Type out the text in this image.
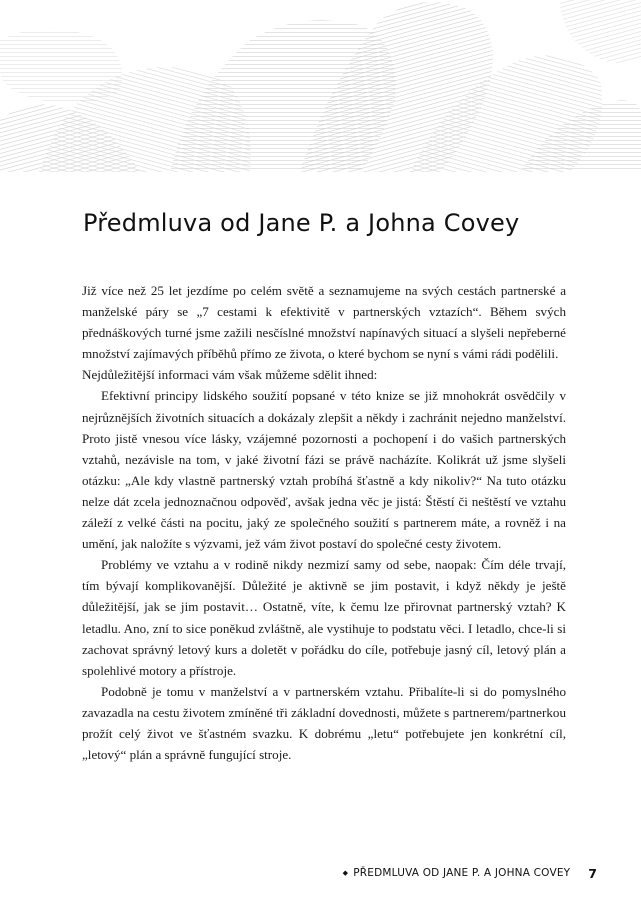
Předmluva od Jane P. a Johna Covey

Již více než 25 let jezdíme po celém světě a seznamujeme na svých cestách partnerské a manželské páry se „7 cestami k efektivitě v partnerských vztazích“. Během svých přednáškových turné jsme zažili nesčíslné množství napínavých situací a slyšeli nepřeberné množství zajímavých příběhů přímo ze života, o které bychom se nyní s vámi rádi podělili.

Nejdůležitější informaci vám však můžeme sdělit ihned:

Efektivní principy lidského soužití popsané v této knize se již mnohokrát osvědčily v nejrůznějších životních situacích a dokázaly zlepšit a někdy i zachránit nejedno manželství. Proto jistě vnesou více lásky, vzájemné pozornosti a pochopení i do vašich partnerských vztahů, nezávisle na tom, v jaké životní fázi se právě nacházíte. Kolikrát už jsme slyšeli otázku: „Ale kdy vlastně partnerský vztah probíhá šťastně a kdy nikoliv?“ Na tuto otázku nelze dát zcela jednoznačnou odpověď, avšak jedna věc je jistá: Štěstí či neštěstí ve vztahu záleží z velké části na pocitu, jaký ze společného soužití s partnerem máte, a rovněž i na umění, jak naložíte s výzvami, jež vám život postaví do společné cesty životem.

Problémy ve vztahu a v rodině nikdy nezmizí samy od sebe, naopak: Čím déle trvají, tím bývají komplikovanější. Důležité je aktivně se jim postavit, i když někdy je ještě důležitější, jak se jim postavit… Ostatně, víte, k čemu lze přirovnat partnerský vztah? K letadlu. Ano, zní to sice poněkud zvláštně, ale vystihuje to podstatu věci. I letadlo, chce-li si zachovat správný letový kurs a doletět v pořádku do cíle, potřebuje jasný cíl, letový plán a spolehlivé motory a přístroje.

Podobně je tomu v manželství a v partnerském vztahu. Přibalíte-li si do pomyslného zavazadla na cestu životem zmíněné tři základní dovednosti, můžete s partnerem/partnerkou prožít celý život ve šťastném svazku. K dobrému „letu“ potřebujete jen konkrétní cíl, „letový“ plán a správně fungující stroje.

◆ PŘEDMLUVA OD JANE P. A JOHNA COVEY 7
